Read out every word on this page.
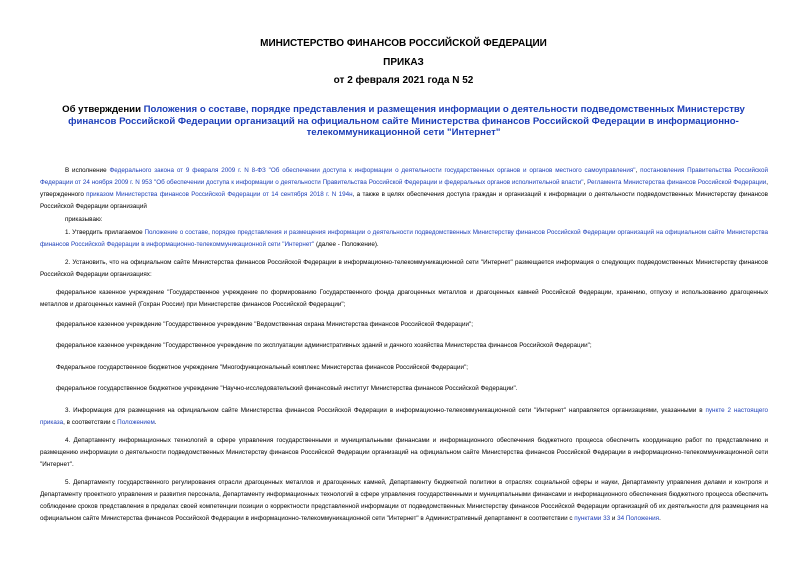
МИНИСТЕРСТВО ФИНАНСОВ РОССИЙСКОЙ ФЕДЕРАЦИИ
ПРИКАЗ
от 2 февраля 2021 года N 52
Об утверждении Положения о составе, порядке представления и размещения информации о деятельности подведомственных Министерству финансов Российской Федерации организаций на официальном сайте Министерства финансов Российской Федерации в информационно-телекоммуникационной сети "Интернет"
В исполнение Федерального закона от 9 февраля 2009 г. N 8-ФЗ "Об обеспечении доступа к информации о деятельности государственных органов и органов местного самоуправления", постановления Правительства Российской Федерации от 24 ноября 2009 г. N 953 "Об обеспечении доступа к информации о деятельности Правительства Российской Федерации и федеральных органов исполнительной власти", Регламента Министерства финансов Российской Федерации, утвержденного приказом Министерства финансов Российской Федерации от 14 сентября 2018 г. N 194н, а также в целях обеспечения доступа граждан и организаций к информации о деятельности подведомственных Министерству финансов Российской Федерации организаций
приказываю:
1. Утвердить прилагаемое Положение о составе, порядке представления и размещения информации о деятельности подведомственных Министерству финансов Российской Федерации организаций на официальном сайте Министерства финансов Российской Федерации в информационно-телекоммуникационной сети "Интернет" (далее - Положение).
2. Установить, что на официальном сайте Министерства финансов Российской Федерации в информационно-телекоммуникационной сети "Интернет" размещается информация о следующих подведомственных Министерству финансов Российской Федерации организациях:
федеральное казенное учреждение "Государственное учреждение по формированию Государственного фонда драгоценных металлов и драгоценных камней Российской Федерации, хранению, отпуску и использованию драгоценных металлов и драгоценных камней (Гохран России) при Министерстве финансов Российской Федерации";
федеральное казенное учреждение "Государственное учреждение "Ведомственная охрана Министерства финансов Российской Федерации";
федеральное казенное учреждение "Государственное учреждение по эксплуатации административных зданий и дачного хозяйства Министерства финансов Российской Федерации";
Федеральное государственное бюджетное учреждение "Многофункциональный комплекс Министерства финансов Российской Федерации";
федеральное государственное бюджетное учреждение "Научно-исследовательский финансовый институт Министерства финансов Российской Федерации".
3. Информация для размещения на официальном сайте Министерства финансов Российской Федерации в информационно-телекоммуникационной сети "Интернет" направляется организациями, указанными в пункте 2 настоящего приказа, в соответствии с Положением.
4. Департаменту информационных технологий в сфере управления государственными и муниципальными финансами и информационного обеспечения бюджетного процесса обеспечить координацию работ по представлению и размещению информации о деятельности подведомственных Министерству финансов Российской Федерации организаций на официальном сайте Министерства финансов Российской Федерации в информационно-телекоммуникационной сети "Интернет".
5. Департаменту государственного регулирования отрасли драгоценных металлов и драгоценных камней, Департаменту бюджетной политики в отраслях социальной сферы и науки, Департаменту управления делами и контроля и Департаменту проектного управления и развития персонала, Департаменту информационных технологий в сфере управления государственными и муниципальными финансами и информационного обеспечения бюджетного процесса обеспечить соблюдение сроков представления в пределах своей компетенции позиции о корректности представленной информации от подведомственных Министерству финансов Российской Федерации организаций об их деятельности для размещения на официальном сайте Министерства финансов Российской Федерации в информационно-телекоммуникационной сети "Интернет" в Административный департамент в соответствии с пунктами 33 и 34 Положения.
